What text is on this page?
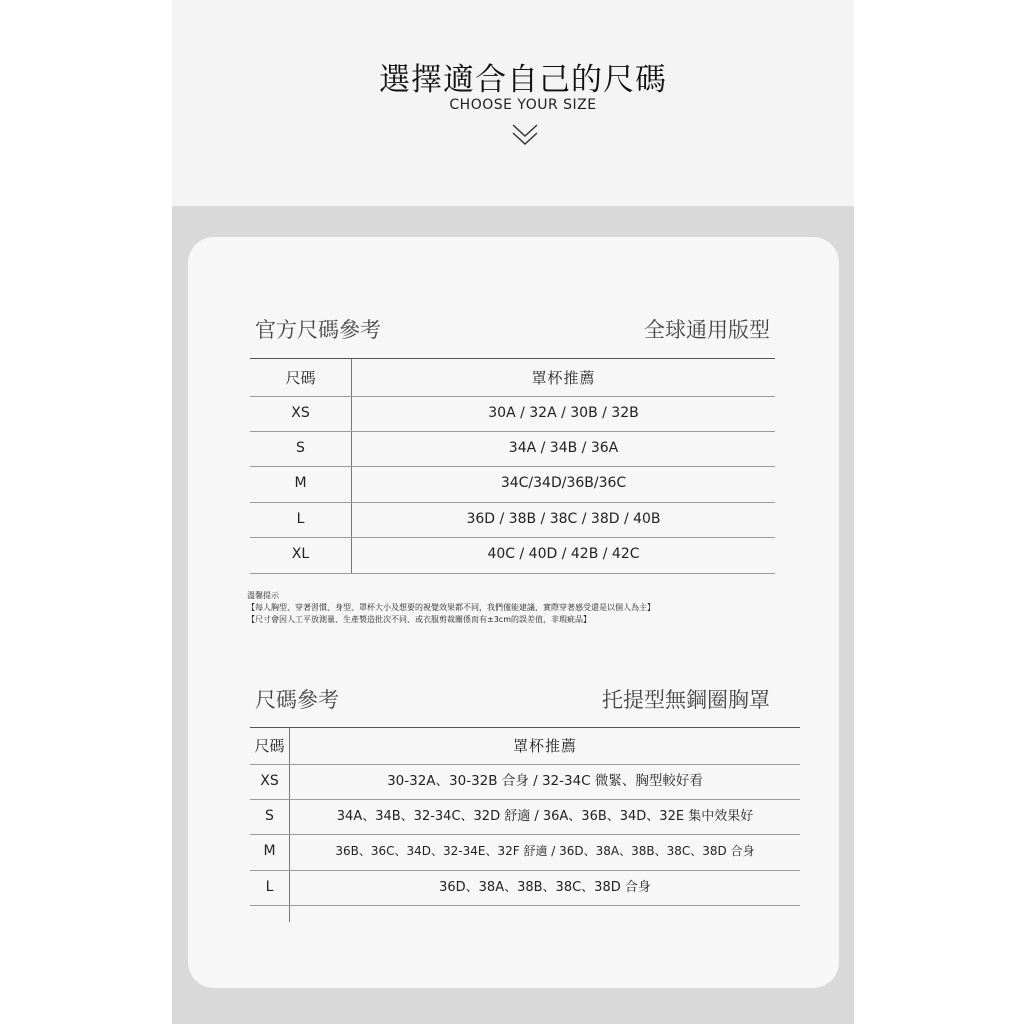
選擇適合自己的尺碼
CHOOSE YOUR SIZE
官方尺碼參考	全球通用版型
尺碼	罩杯推薦
XS	30A / 32A / 30B / 32B
S	34A / 34B / 36A
M	34C/34D/36B/36C
L	36D / 38B / 38C / 38D / 40B
XL	40C / 40D / 42B / 42C
溫馨提示
【每人胸型、穿著習慣、身型、罩杯大小及想要的視覺效果都不同，我們僅能建議，實際穿著感受還是以個人為主】
【尺寸會因人工平放測量、生產製造批次不同、或衣服剪裁關係而有±3cm的誤差值，非瑕疵品】
尺碼參考	托提型無鋼圈胸罩
尺碼	罩杯推薦
XS	30-32A、30-32B 合身 / 32-34C 微緊、胸型較好看
S	34A、34B、32-34C、32D 舒適 / 36A、36B、34D、32E 集中效果好
M	36B、36C、34D、32-34E、32F 舒適 / 36D、38A、38B、38C、38D 合身
L	36D、38A、38B、38C、38D 合身
